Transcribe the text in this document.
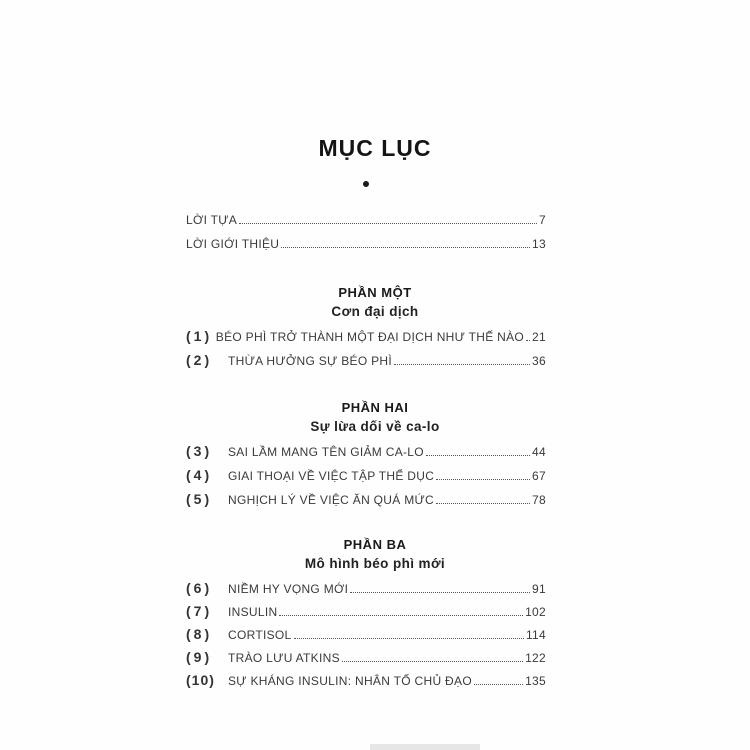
MỤC LỤC
LỜI TỰA	7
LỜI GIỚI THIỆU	13
PHẦN MỘT
Cơn đại dịch
(1) BÉO PHÌ TRỞ THÀNH MỘT ĐẠI DỊCH NHƯ THẾ NÀO 21
(2)	THỪA HƯỞNG SỰ BÉO PHÌ	36
PHẦN HAI
Sự lừa dối về ca-lo
(3)	SAI LẦM MANG TÊN GIẢM CA-LO	44
(4)	GIAI THOẠI VỀ VIỆC TẬP THỂ DỤC	67
(5)	NGHỊCH LÝ VỀ VIỆC ĂN QUÁ MỨC	78
PHẦN BA
Mô hình béo phì mới
(6)	NIỀM HY VỌNG MỚI	91
(7)	INSULIN	102
(8)	CORTISOL	114
(9)	TRÀO LƯU ATKINS	122
(10)	SỰ KHÁNG INSULIN: NHÂN TỐ CHỦ ĐẠO	135
